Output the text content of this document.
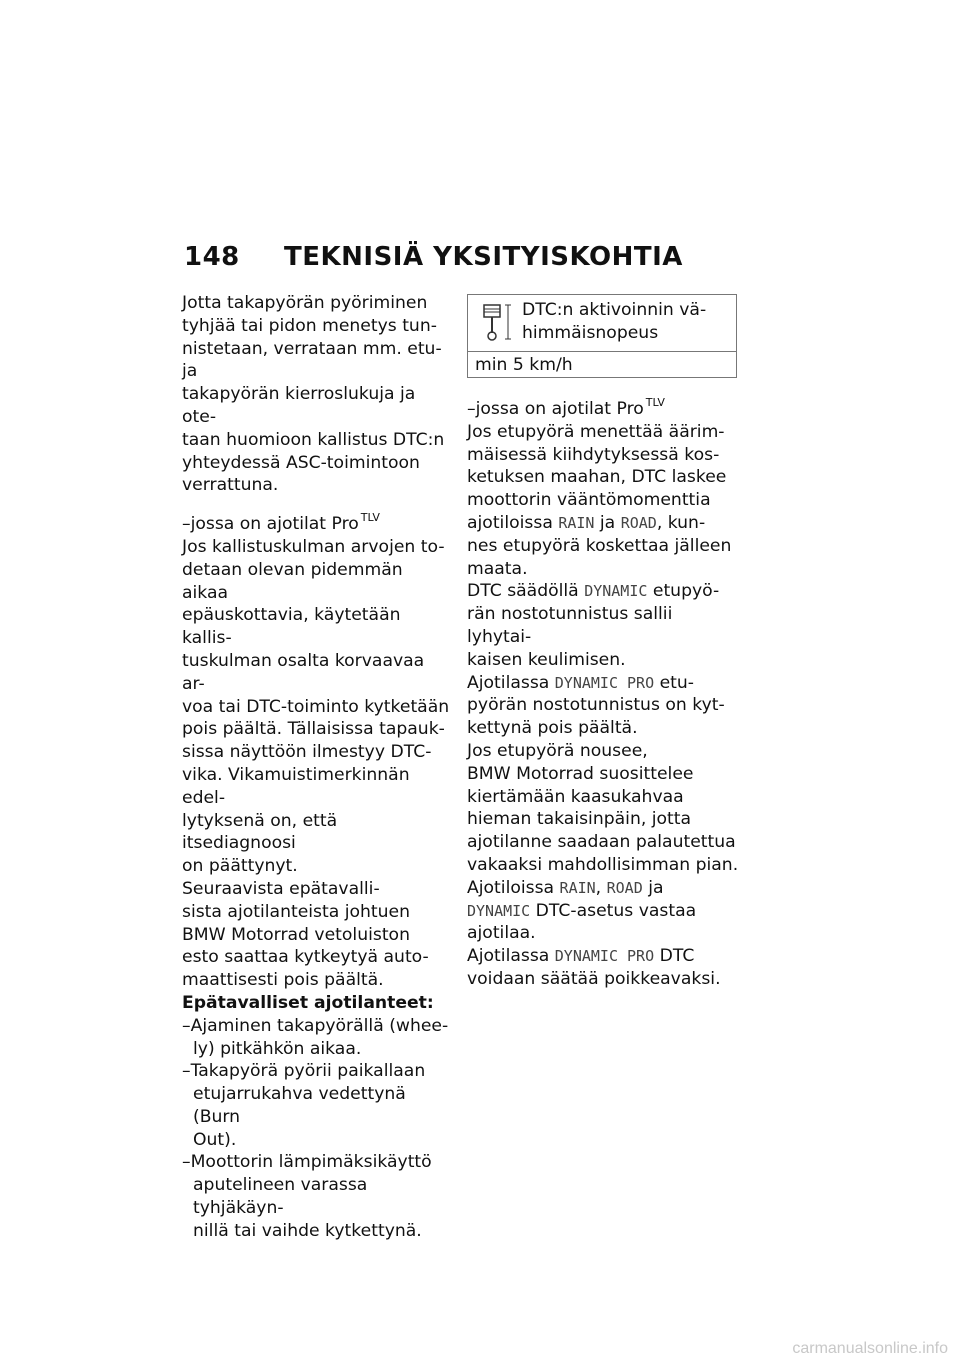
148 TEKNISIÄ YKSITYISKOHTIA

Jotta takapyörän pyöriminen
tyhjää tai pidon menetys tun-
nistetaan, verrataan mm. etu- ja
takapyörän kierroslukuja ja ote-
taan huomioon kallistus DTC:n
yhteydessä ASC-toimintoon
verrattuna.

–jossa on ajotilat Pro $^{TLV}$

Jos kallistuskulman arvojen to-
detaan olevan pidemmän aikaa
epäuskottavia, käytetään kallis-
tuskulman osalta korvaavaa ar-
voa tai DTC-toiminto kytketään
pois päältä. Tällaisissa tapauk-
sissa näyttöön ilmestyy DTC-
vika. Vikamuistimerkinnän edel-
lytyksenä on, että itsediagnoosi
on päättynyt.

Seuraavista epätavalli-
sista ajotilanteista johtuen
BMW Motorrad vetoluiston
esto saattaa kytkeytyä auto-
maattisesti pois päältä.

Epätavalliset ajotilanteet:

–Ajaminen takapyörällä (whee-
ly) pitkähkön aikaa.
–Takapyörä pyörii paikallaan
etujarrukahva vedettynä (Burn
Out).
–Moottorin lämpimäksikäyttö
aputelineen varassa tyhjäkäyn-
nillä tai vaihde kytkettynä.
DTC:n aktivoinnin vä-
himmäisnopeus
min 5 km/h

–jossa on ajotilat Pro $^{TLV}$

Jos etupyörä menettää äärim-
mäisessä kiihdytyksessä kos-
ketuksen maahan, DTC laskee
moottorin vääntömomenttia
ajotiloissa RAIN ja ROAD, kun-
nes etupyörä koskettaa jälleen
maata.
DTC säädöllä DYNAMIC etupyö-
rän nostotunnistus sallii lyhytai-
kaisen keulimisen.
Ajotilassa DYNAMIC PRO etu-
pyörän nostotunnistus on kyt-
kettynä pois päältä.
Jos etupyörä nousee,
BMW Motorrad suosittelee
kiertämään kaasukahvaa
hieman takaisinpäin, jotta
ajotilanne saadaan palautettua
vakaaksi mahdollisimman pian.
Ajotiloissa RAIN, ROAD ja
DYNAMIC DTC-asetus vastaa
ajotilaa.
Ajotilassa DYNAMIC PRO DTC
voidaan säätää poikkeavaksi.

carmanualsonline.info
